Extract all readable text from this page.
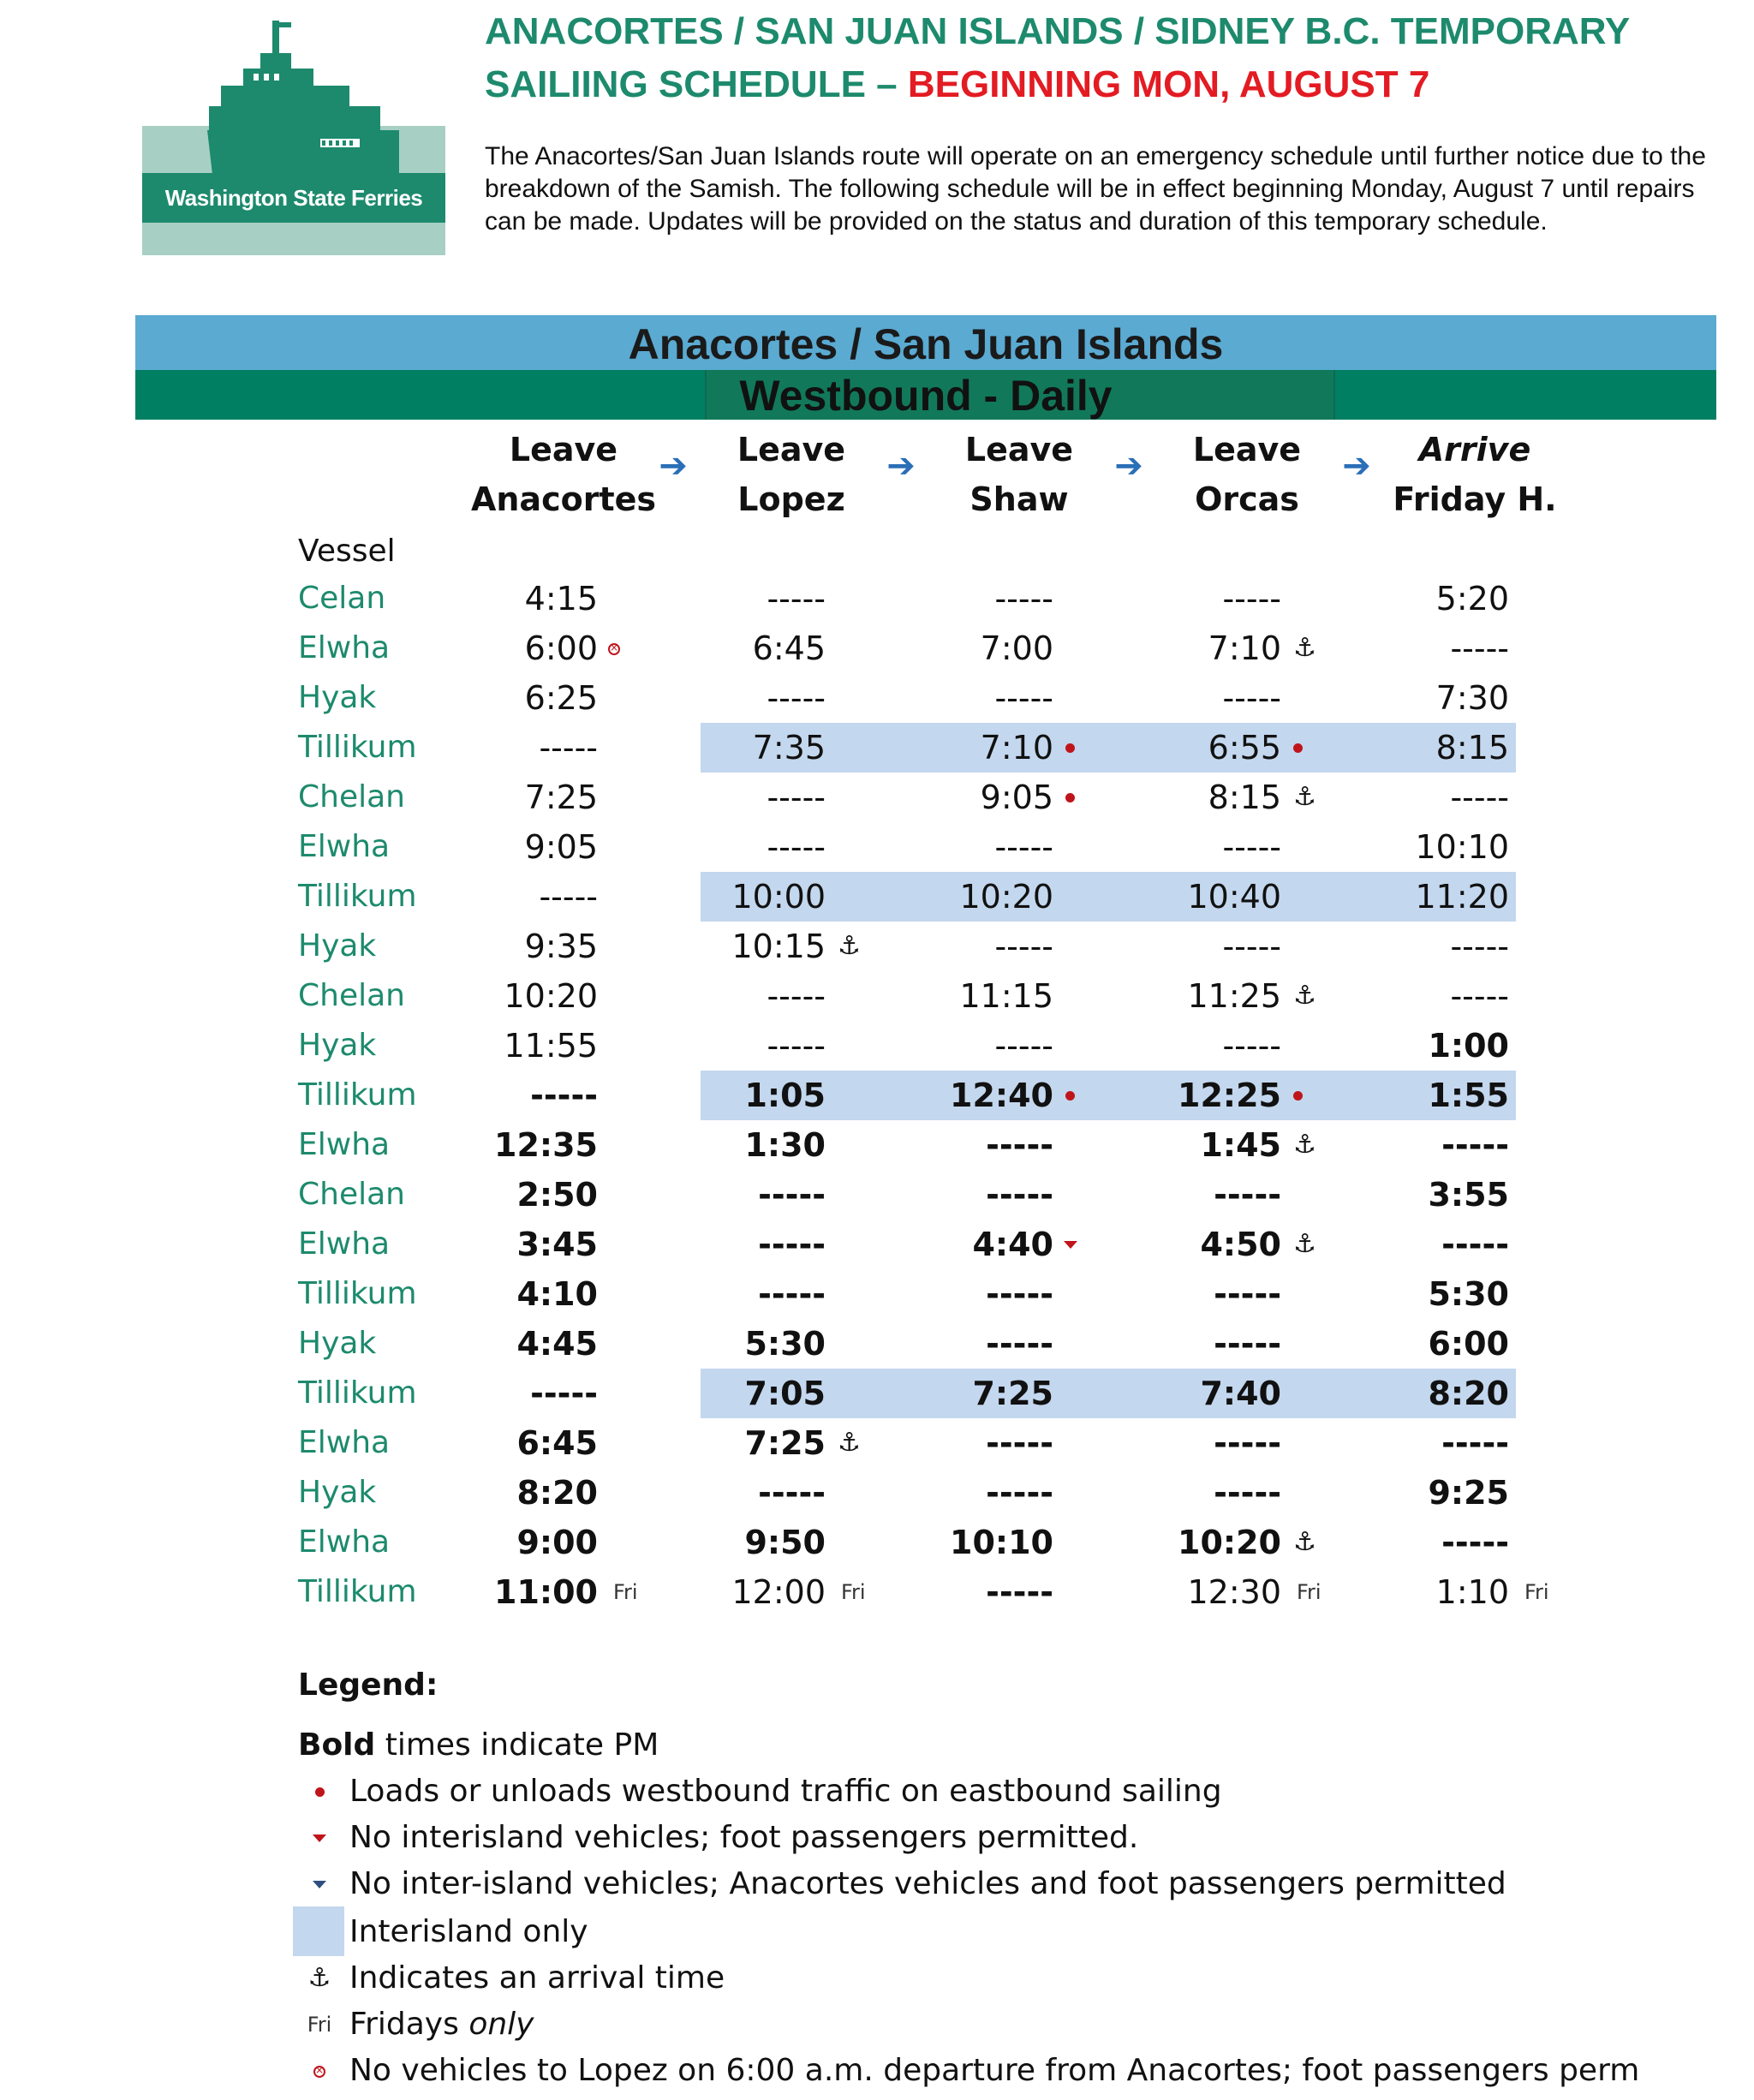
Washington State Ferries
ANACORTES / SAN JUAN ISLANDS / SIDNEY B.C. TEMPORARY
SAILIING SCHEDULE – BEGINNING MON, AUGUST 7
The Anacortes/San Juan Islands route will operate on an emergency schedule until further notice due to the breakdown of the Samish. The following schedule will be in effect beginning Monday, August 7 until repairs can be made. Updates will be provided on the status and duration of this temporary schedule.
Anacortes / San Juan Islands
Westbound - Daily
Leave
Anacortes
Leave
Lopez
Leave
Shaw
Leave
Orcas
Arrive
Friday H.
➔	➔	➔	➔
Vessel
Celan	4:15	-----	-----	-----	5:20
Elwha	6:00
×	6:45	7:00	7:10 ⚓	-----
Hyak	6:25	-----	-----	-----	7:30
Tillikum	-----	7:35	7:10	6:55	8:15
Chelan	7:25	-----	9:05	8:15 ⚓	-----
Elwha	9:05	-----	-----	-----	10:10
Tillikum	-----	10:00	10:20	10:40	11:20
Hyak	9:35	10:15 ⚓	-----	-----	-----
Chelan	10:20	-----	11:15	11:25 ⚓	-----
Hyak	11:55	-----	-----	-----	1:00
Tillikum	-----	1:05	12:40	12:25	1:55
Elwha	12:35	1:30	-----	1:45 ⚓	-----
Chelan	2:50	-----	-----	-----	3:55
Elwha	3:45	-----	4:40	4:50 ⚓	-----
Tillikum	4:10	-----	-----	-----	5:30
Hyak	4:45	5:30	-----	-----	6:00
Tillikum	-----	7:05	7:25	7:40	8:20
Elwha	6:45	7:25 ⚓	-----	-----	-----
Hyak	8:20	-----	-----	-----	9:25
Elwha	9:00	9:50	10:10	10:20 ⚓	-----
Tillikum	11:00 Fri	12:00 Fri	-----	12:30 Fri	1:10 Fri
Legend:
Bold times indicate PM
Loads or unloads westbound traffic on eastbound sailing
No interisland vehicles; foot passengers permitted.
No inter-island vehicles; Anacortes vehicles and foot passengers permitted
Interisland only
⚓ Indicates an arrival time
Fri Fridays only
×
No vehicles to Lopez on 6:00 a.m. departure from Anacortes; foot passengers perm
